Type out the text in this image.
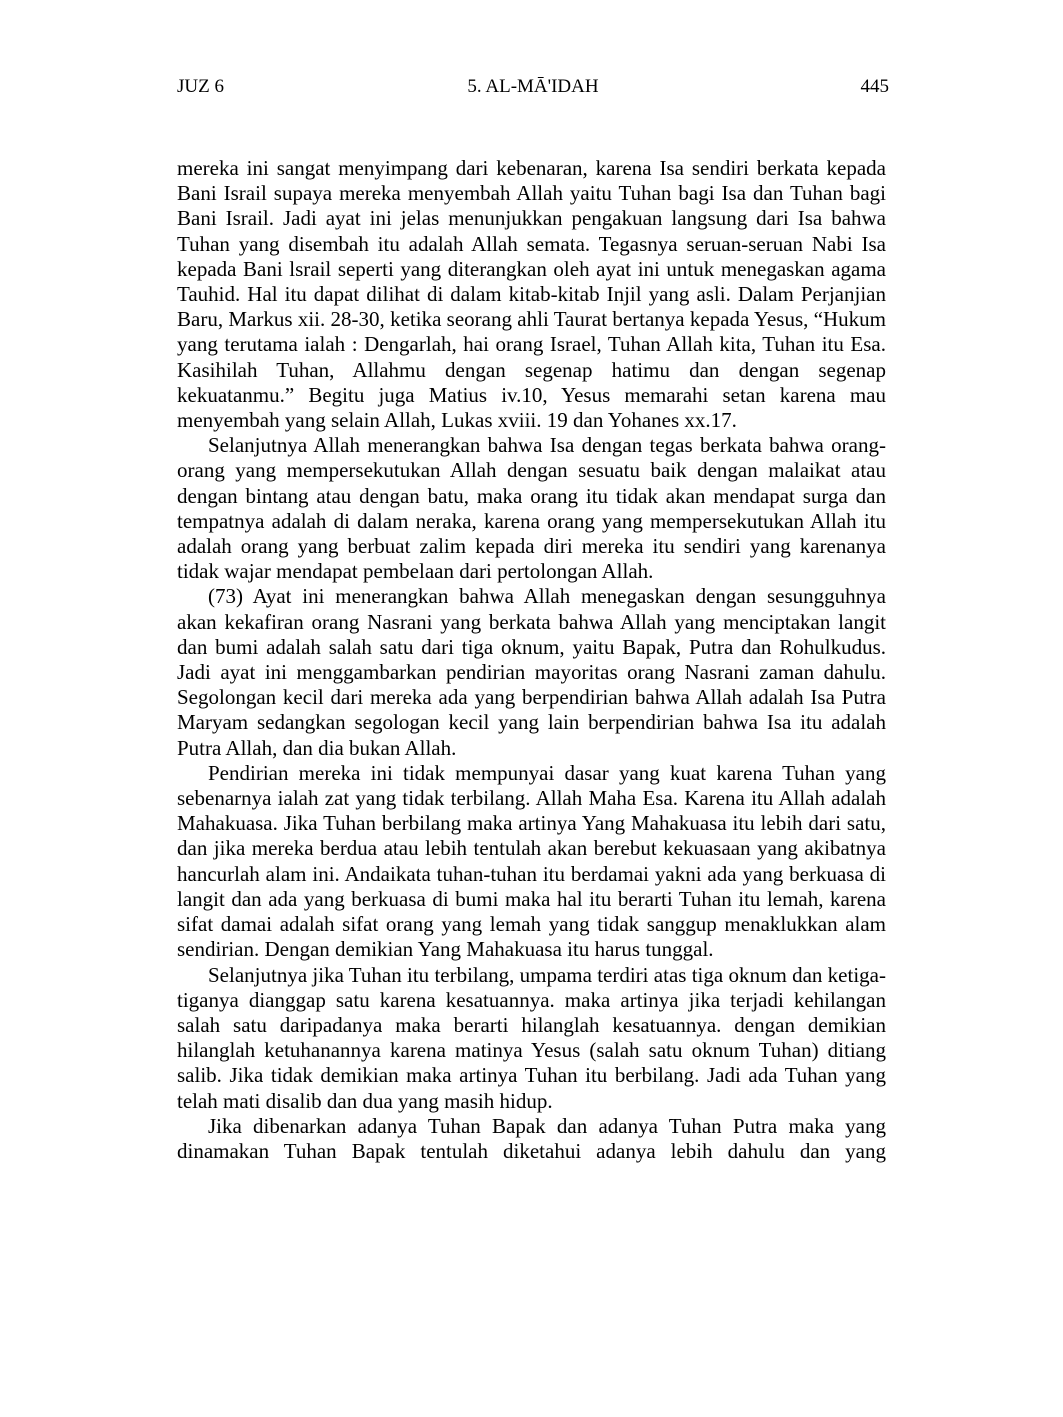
JUZ 6	5. AL-MĀ'IDAH	445

mereka ini sangat menyimpang dari kebenaran, karena Isa sendiri berkata kepada Bani Israil supaya mereka menyembah Allah yaitu Tuhan bagi Isa dan Tuhan bagi Bani Israil. Jadi ayat ini jelas menunjukkan pengakuan langsung dari Isa bahwa Tuhan yang disembah itu adalah Allah semata. Tegasnya seruan-seruan Nabi Isa kepada Bani lsrail seperti yang diterangkan oleh ayat ini untuk menegaskan agama Tauhid. Hal itu dapat dilihat di dalam kitab-kitab Injil yang asli. Dalam Perjanjian Baru, Markus xii. 28-30, ketika seorang ahli Taurat bertanya kepada Yesus, “Hukum yang terutama ialah : Dengarlah, hai orang Israel, Tuhan Allah kita, Tuhan itu Esa. Kasihilah Tuhan, Allahmu dengan segenap hatimu dan dengan segenap kekuatanmu.” Begitu juga Matius iv.10, Yesus memarahi setan karena mau menyembah yang selain Allah, Lukas xviii. 19 dan Yohanes xx.17.

Selanjutnya Allah menerangkan bahwa Isa dengan tegas berkata bahwa orang-orang yang mempersekutukan Allah dengan sesuatu baik dengan malaikat atau dengan bintang atau dengan batu, maka orang itu tidak akan mendapat surga dan tempatnya adalah di dalam neraka, karena orang yang mempersekutukan Allah itu adalah orang yang berbuat zalim kepada diri mereka itu sendiri yang karenanya tidak wajar mendapat pembelaan dari pertolongan Allah.

(73) Ayat ini menerangkan bahwa Allah menegaskan dengan sesungguhnya akan kekafiran orang Nasrani yang berkata bahwa Allah yang menciptakan langit dan bumi adalah salah satu dari tiga oknum, yaitu Bapak, Putra dan Rohulkudus. Jadi ayat ini menggambarkan pendirian mayoritas orang Nasrani zaman dahulu. Segolongan kecil dari mereka ada yang berpendirian bahwa Allah adalah Isa Putra Maryam sedangkan segologan kecil yang lain berpendirian bahwa Isa itu adalah Putra Allah, dan dia bukan Allah.

Pendirian mereka ini tidak mempunyai dasar yang kuat karena Tuhan yang sebenarnya ialah zat yang tidak terbilang. Allah Maha Esa. Karena itu Allah adalah Mahakuasa. Jika Tuhan berbilang maka artinya Yang Mahakuasa itu lebih dari satu, dan jika mereka berdua atau lebih tentulah akan berebut kekuasaan yang akibatnya hancurlah alam ini. Andaikata tuhan-tuhan itu berdamai yakni ada yang berkuasa di langit dan ada yang berkuasa di bumi maka hal itu berarti Tuhan itu lemah, karena sifat damai adalah sifat orang yang lemah yang tidak sanggup menaklukkan alam sendirian. Dengan demikian Yang Mahakuasa itu harus tunggal.

Selanjutnya jika Tuhan itu terbilang, umpama terdiri atas tiga oknum dan ketiga-tiganya dianggap satu karena kesatuannya. maka artinya jika terjadi kehilangan salah satu daripadanya maka berarti hilanglah kesatuannya. dengan demikian hilanglah ketuhanannya karena matinya Yesus (salah satu oknum Tuhan) ditiang salib. Jika tidak demikian maka artinya Tuhan itu berbilang. Jadi ada Tuhan yang telah mati disalib dan dua yang masih hidup.

Jika dibenarkan adanya Tuhan Bapak dan adanya Tuhan Putra maka yang dinamakan Tuhan Bapak tentulah diketahui adanya lebih dahulu dan yang
